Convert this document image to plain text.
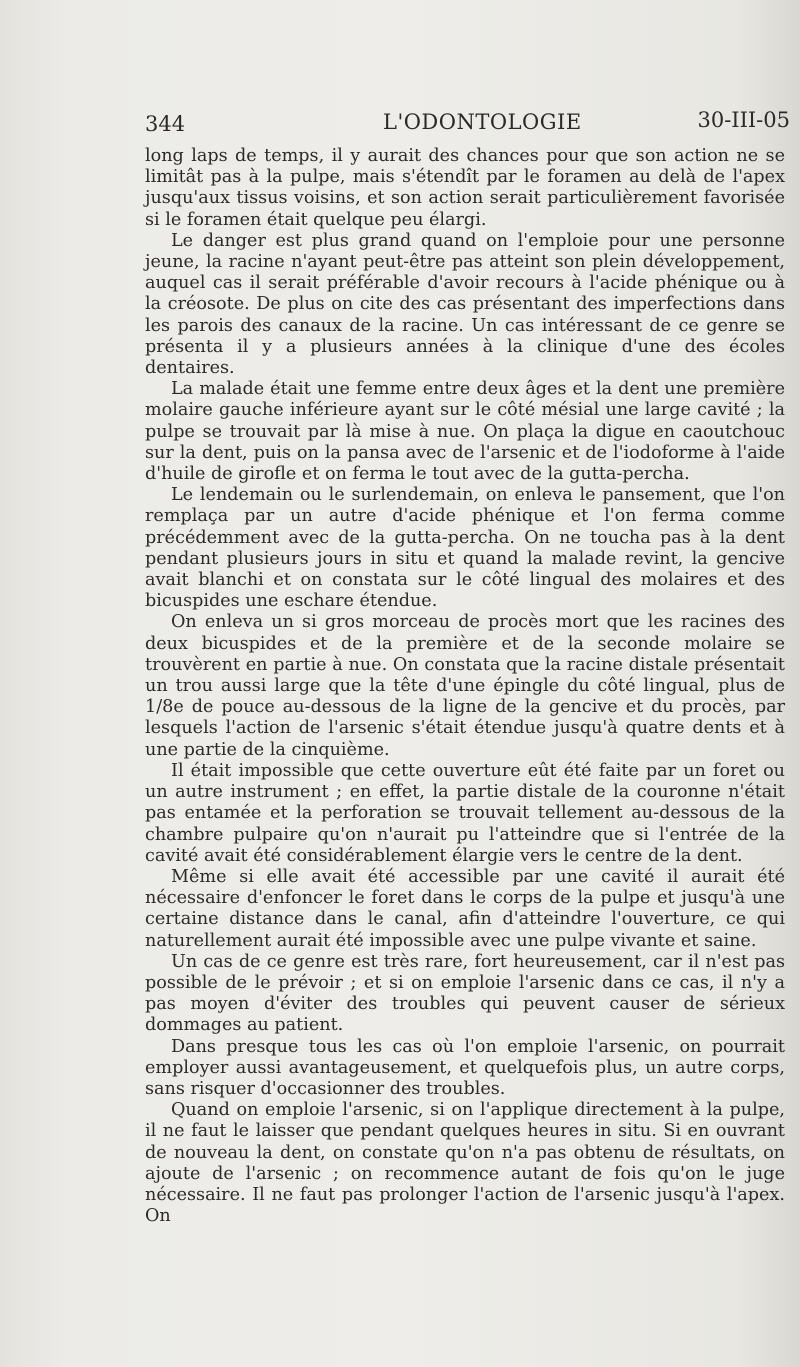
344	L'ODONTOLOGIE	30-III-05

long laps de temps, il y aurait des chances pour que son action ne se limitât pas à la pulpe, mais s'étendît par le foramen au delà de l'apex jusqu'aux tissus voisins, et son action serait particulièrement favorisée si le foramen était quelque peu élargi.

Le danger est plus grand quand on l'emploie pour une personne jeune, la racine n'ayant peut-être pas atteint son plein développement, auquel cas il serait préférable d'avoir recours à l'acide phénique ou à la créosote. De plus on cite des cas présentant des imperfections dans les parois des canaux de la racine. Un cas intéressant de ce genre se présenta il y a plusieurs années à la clinique d'une des écoles dentaires.

La malade était une femme entre deux âges et la dent une première molaire gauche inférieure ayant sur le côté mésial une large cavité ; la pulpe se trouvait par là mise à nue. On plaça la digue en caoutchouc sur la dent, puis on la pansa avec de l'arsenic et de l'iodoforme à l'aide d'huile de girofle et on ferma le tout avec de la gutta-percha.

Le lendemain ou le surlendemain, on enleva le pansement, que l'on remplaça par un autre d'acide phénique et l'on ferma comme précédemment avec de la gutta-percha. On ne toucha pas à la dent pendant plusieurs jours in situ et quand la malade revint, la gencive avait blanchi et on constata sur le côté lingual des molaires et des bicuspides une eschare étendue.

On enleva un si gros morceau de procès mort que les racines des deux bicuspides et de la première et de la seconde molaire se trouvèrent en partie à nue. On constata que la racine distale présentait un trou aussi large que la tête d'une épingle du côté lingual, plus de 1/8e de pouce au-dessous de la ligne de la gencive et du procès, par lesquels l'action de l'arsenic s'était étendue jusqu'à quatre dents et à une partie de la cinquième.

Il était impossible que cette ouverture eût été faite par un foret ou un autre instrument ; en effet, la partie distale de la couronne n'était pas entamée et la perforation se trouvait tellement au-dessous de la chambre pulpaire qu'on n'aurait pu l'atteindre que si l'entrée de la cavité avait été considérablement élargie vers le centre de la dent.

Même si elle avait été accessible par une cavité il aurait été nécessaire d'enfoncer le foret dans le corps de la pulpe et jusqu'à une certaine distance dans le canal, afin d'atteindre l'ouverture, ce qui naturellement aurait été impossible avec une pulpe vivante et saine.

Un cas de ce genre est très rare, fort heureusement, car il n'est pas possible de le prévoir ; et si on emploie l'arsenic dans ce cas, il n'y a pas moyen d'éviter des troubles qui peuvent causer de sérieux dommages au patient.

Dans presque tous les cas où l'on emploie l'arsenic, on pourrait employer aussi avantageusement, et quelquefois plus, un autre corps, sans risquer d'occasionner des troubles.

Quand on emploie l'arsenic, si on l'applique directement à la pulpe, il ne faut le laisser que pendant quelques heures in situ. Si en ouvrant de nouveau la dent, on constate qu'on n'a pas obtenu de résultats, on ajoute de l'arsenic ; on recommence autant de fois qu'on le juge nécessaire. Il ne faut pas prolonger l'action de l'arsenic jusqu'à l'apex. On
